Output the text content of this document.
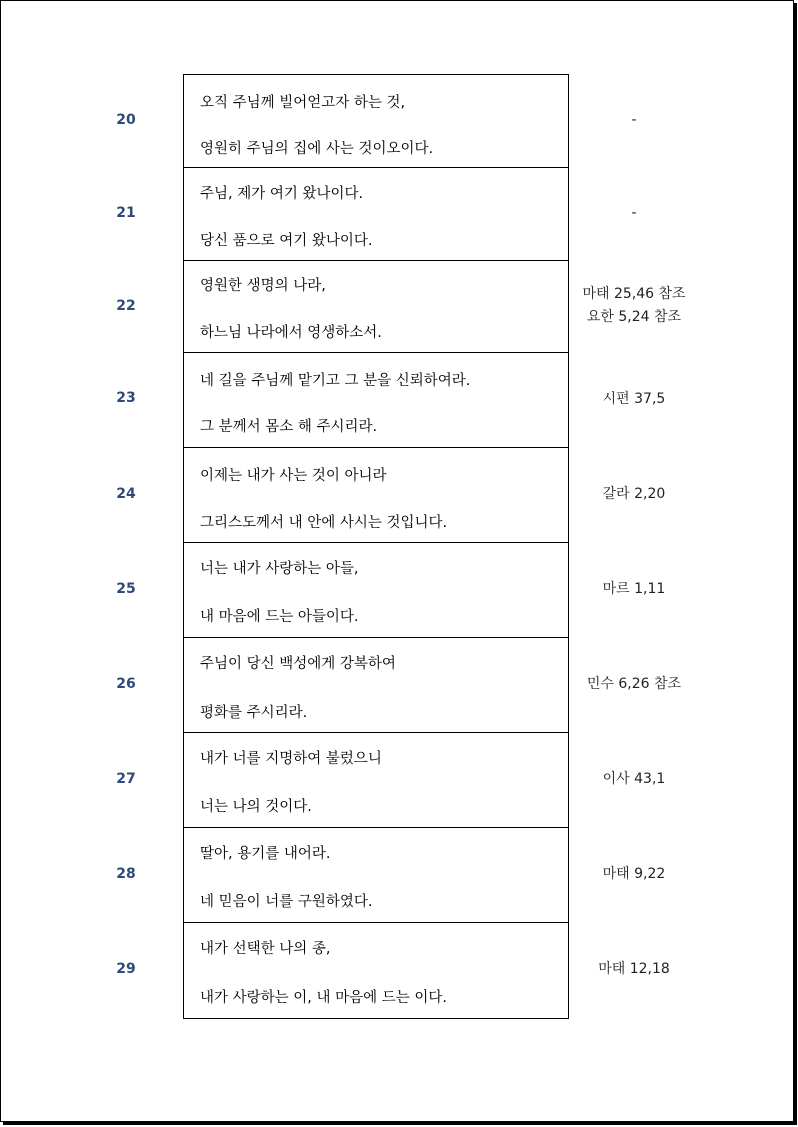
20
오직 주님께 빌어얻고자 하는 것,
영원히 주님의 집에 사는 것이오이다.
-
21
주님, 제가 여기 왔나이다.
당신 품으로 여기 왔나이다.
-
22
영원한 생명의 나라,
하느님 나라에서 영생하소서.
마태 25,46 참조
요한 5,24 참조
23
네 길을 주님께 맡기고 그 분을 신뢰하여라.
그 분께서 몸소 해 주시리라.
시편 37,5
24
이제는 내가 사는 것이 아니라
그리스도께서 내 안에 사시는 것입니다.
갈라 2,20
25
너는 내가 사랑하는 아들,
내 마음에 드는 아들이다.
마르 1,11
26
주님이 당신 백성에게 강복하여
평화를 주시리라.
민수 6,26 참조
27
내가 너를 지명하여 불렀으니
너는 나의 것이다.
이사 43,1
28
딸아, 용기를 내어라.
네 믿음이 너를 구원하였다.
마태 9,22
29
내가 선택한 나의 종,
내가 사랑하는 이, 내 마음에 드는 이다.
마태 12,18
